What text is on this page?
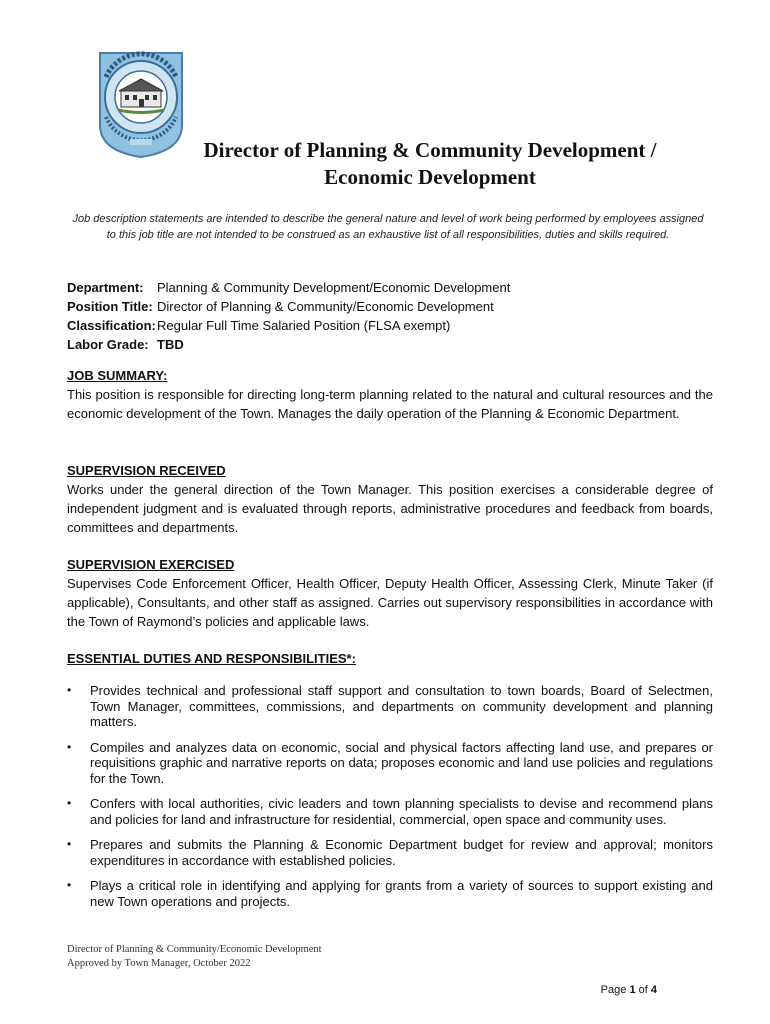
Director of Planning & Community Development /
Economic Development
Job description statements are intended to describe the general nature and level of work being performed by employees assigned to this job title are not intended to be construed as an exhaustive list of all responsibilities, duties and skills required.
Department:	Planning & Community Development/Economic Development
Position Title: Director of Planning & Community/Economic Development
Classification: Regular Full Time Salaried Position (FLSA exempt)
Labor Grade: TBD
JOB SUMMARY:
This position is responsible for directing long-term planning related to the natural and cultural resources and the economic development of the Town. Manages the daily operation of the Planning & Economic Department.
SUPERVISION RECEIVED
Works under the general direction of the Town Manager. This position exercises a considerable degree of independent judgment and is evaluated through reports, administrative procedures and feedback from boards, committees and departments.
SUPERVISION EXERCISED
Supervises Code Enforcement Officer, Health Officer, Deputy Health Officer, Assessing Clerk, Minute Taker (if applicable), Consultants, and other staff as assigned. Carries out supervisory responsibilities in accordance with the Town of Raymond’s policies and applicable laws.
ESSENTIAL DUTIES AND RESPONSIBILITIES*:
• Provides technical and professional staff support and consultation to town boards, Board of Selectmen, Town Manager, committees, commissions, and departments on community development and planning matters.
• Compiles and analyzes data on economic, social and physical factors affecting land use, and prepares or requisitions graphic and narrative reports on data; proposes economic and land use policies and regulations for the Town.
• Confers with local authorities, civic leaders and town planning specialists to devise and recommend plans and policies for land and infrastructure for residential, commercial, open space and community uses.
• Prepares and submits the Planning & Economic Department budget for review and approval; monitors expenditures in accordance with established policies.
• Plays a critical role in identifying and applying for grants from a variety of sources to support existing and new Town operations and projects.
Director of Planning & Community/Economic Development
Approved by Town Manager, October 2022
Page 1 of 4
